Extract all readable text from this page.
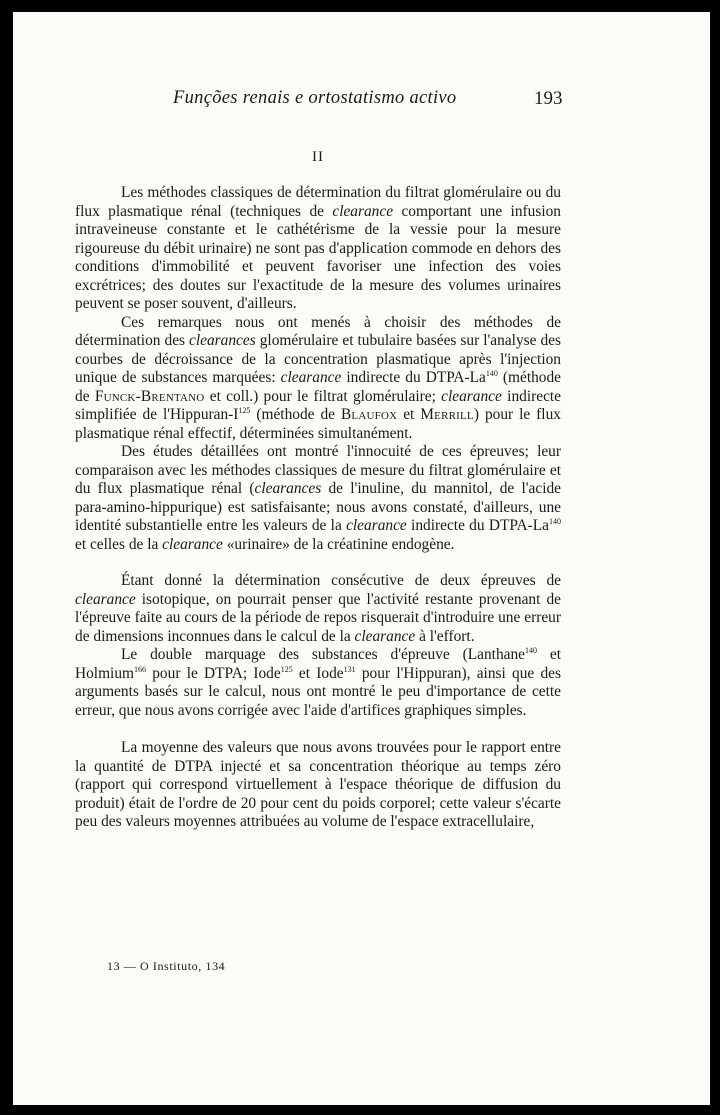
Funções renais e ortostatismo activo	193
II

Les méthodes classiques de détermination du filtrat glomérulaire ou du flux plasmatique rénal (techniques de clearance comportant une infusion intraveineuse constante et le cathétérisme de la vessie pour la mesure rigoureuse du débit urinaire) ne sont pas d'application commode en dehors des conditions d'immobilité et peuvent favoriser une infection des voies excrétrices; des doutes sur l'exactitude de la mesure des volumes urinaires peuvent se poser souvent, d'ailleurs.

Ces remarques nous ont menés à choisir des méthodes de détermination des clearances glomérulaire et tubulaire basées sur l'analyse des courbes de décroissance de la concentration plasmatique après l'injection unique de substances marquées: clearance indirecte du DTPA-La$^{140}$ (méthode de Funck-Brentano et coll.) pour le filtrat glomérulaire; clearance indirecte simplifiée de $l'Hippuran-I^{125}$ (méthode de Blaufox et Merrill) pour le flux plasmatique rénal effectif, déterminées simultanément.

Des études détaillées ont montré l'innocuité de ces épreuves; leur comparaison avec les méthodes classiques de mesure du filtrat glomérulaire et du flux plasmatique rénal (clearances de l'inuline, du mannitol, de l'acide para-amino-hippurique) est satisfaisante; nous avons constaté, d'ailleurs, une identité substantielle entre les valeurs de la clearance indirecte du DTPA-La$^{140}$ et celles de la clearance «urinaire» de la créatinine endogène.

Étant donné la détermination consécutive de deux épreuves de clearance isotopique, on pourrait penser que l'activité restante provenant de l'épreuve faite au cours de la période de repos risquerait d'introduire une erreur de dimensions inconnues dans le calcul de la clearance à l'effort.

Le double marquage des substances d'épreuve (Lanthane$^{140}$ et Holmium$^{166}$ pour le DTPA; Iode$^{125}$ et Iode$^{131}$ pour l'Hippuran), ainsi que des arguments basés sur le calcul, nous ont montré le peu d'importance de cette erreur, que nous avons corrigée avec l'aide d'artifices graphiques simples.

La moyenne des valeurs que nous avons trouvées pour le rapport entre la quantité de DTPA injecté et sa concentration théorique au temps zéro (rapport qui correspond virtuellement à l'espace théorique de diffusion du produit) était de l'ordre de 20 pour cent du poids corporel; cette valeur s'écarte peu des valeurs moyennes attribuées au volume de l'espace extracellulaire,

13 — O Instituto, 134
